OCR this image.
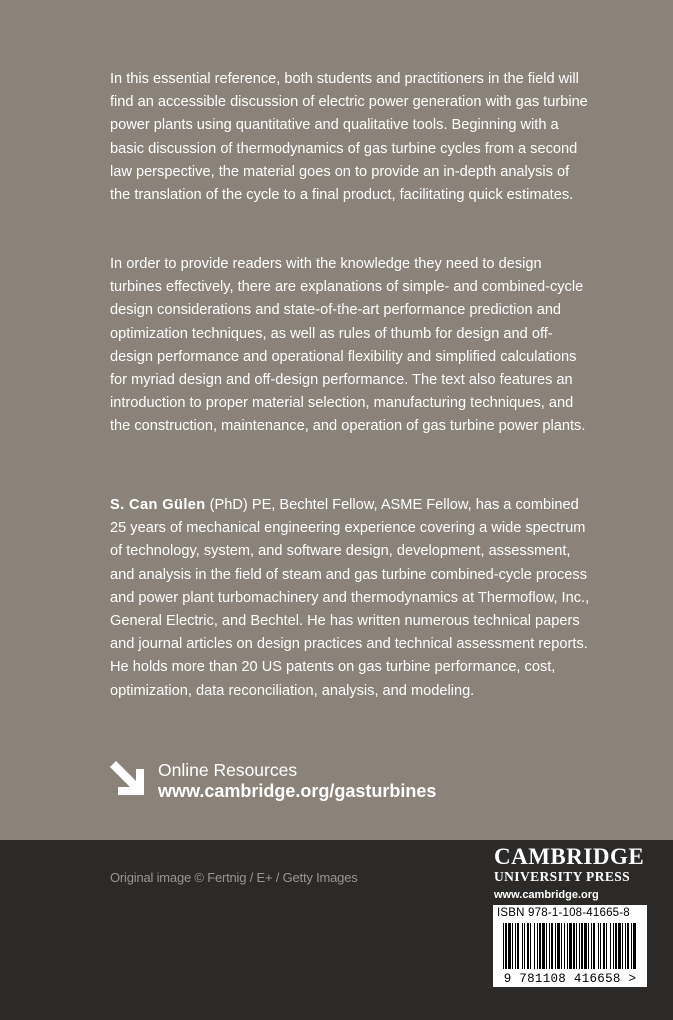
In this essential reference, both students and practitioners in the field will find an accessible discussion of electric power generation with gas turbine power plants using quantitative and qualitative tools. Beginning with a basic discussion of thermodynamics of gas turbine cycles from a second law perspective, the material goes on to provide an in-depth analysis of the translation of the cycle to a final product, facilitating quick estimates.

In order to provide readers with the knowledge they need to design turbines effectively, there are explanations of simple- and combined-cycle design considerations and state-of-the-art performance prediction and optimization techniques, as well as rules of thumb for design and off-design performance and operational flexibility and simplified calculations for myriad design and off-design performance. The text also features an introduction to proper material selection, manufacturing techniques, and the construction, maintenance, and operation of gas turbine power plants.

S. Can Gülen (PhD) PE, Bechtel Fellow, ASME Fellow, has a combined 25 years of mechanical engineering experience covering a wide spectrum of technology, system, and software design, development, assessment, and analysis in the field of steam and gas turbine combined-cycle process and power plant turbomachinery and thermodynamics at Thermoflow, Inc., General Electric, and Bechtel. He has written numerous technical papers and journal articles on design practices and technical assessment reports. He holds more than 20 US patents on gas turbine performance, cost, optimization, data reconciliation, analysis, and modeling.

Online Resources
www.cambridge.org/gasturbines
Original image © Fertnig / E+ / Getty Images
CAMBRIDGE
UNIVERSITY PRESS
www.cambridge.org
ISBN 978-1-108-41665-8
9 781108 416658 >
